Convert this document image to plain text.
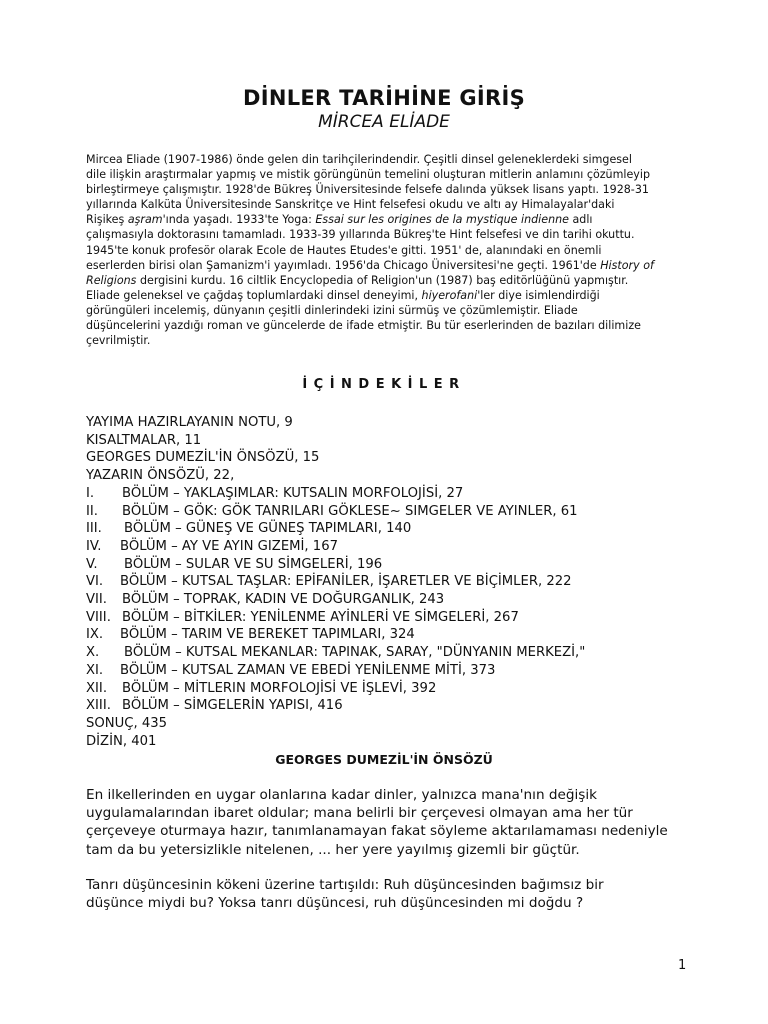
DİNLER TARİHİNE GİRİŞ
MİRCEA ELİADE
Mircea Eliade (1907-1986) önde gelen din tarihçilerindendir. Çeşitli dinsel geleneklerdeki simgesel
dile ilişkin araştırmalar yapmış ve mistik görüngünün temelini oluşturan mitlerin anlamını çözümleyip
birleştirmeye çalışmıştır. 1928'de Bükreş Üniversitesinde felsefe dalında yüksek lisans yaptı. 1928-31
yıllarında Kalküta Üniversitesinde Sanskritçe ve Hint felsefesi okudu ve altı ay Himalayalar'daki
Rişikeş aşram'ında yaşadı. 1933'te Yoga: Essai sur les origines de la mystique indienne adlı
çalışmasıyla doktorasını tamamladı. 1933-39 yıllarında Bükreş'te Hint felsefesi ve din tarihi okuttu.
1945'te konuk profesör olarak Ecole de Hautes Etudes'e gitti. 1951' de, alanındaki en önemli
eserlerden birisi olan Şamanizm'i yayımladı. 1956'da Chicago Üniversitesi'ne geçti. 1961'de History of
Religions dergisini kurdu. 16 ciltlik Encyclopedia of Religion'un (1987) baş editörlüğünü yapmıştır.
Eliade geleneksel ve çağdaş toplumlardaki dinsel deneyimi, hiyerofani'ler diye isimlendirdiği
görüngüleri incelemiş, dünyanın çeşitli dinlerindeki izini sürmüş ve çözümlemiştir. Eliade
düşüncelerini yazdığı roman ve güncelerde de ifade etmiştir. Bu tür eserlerinden de bazıları dilimize
çevrilmiştir.
İÇİNDEKİLER
YAYIMA HAZIRLAYANIN NOTU, 9
KISALTMALAR, 11
GEORGES DUMEZİL'İN ÖNSÖZÜ, 15
YAZARIN ÖNSÖZÜ, 22,
I. BÖLÜM – YAKLAŞIMLAR: KUTSALIN MORFOLOJİSİ, 27
II. BÖLÜM – GÖK: GÖK TANRILARI GÖKLESE~ SIMGELER VE AYINLER, 61
III. BÖLÜM – GÜNEŞ VE GÜNEŞ TAPIMLARI, 140
IV. BÖLÜM – AY VE AYIN GIZEMİ, 167
V. BÖLÜM – SULAR VE SU SİMGELERİ, 196
VI. BÖLÜM – KUTSAL TAŞLAR: EPİFANİLER, İŞARETLER VE BİÇİMLER, 222
VII. BÖLÜM – TOPRAK, KADIN VE DOĞURGANLIK, 243
VIII. BÖLÜM – BİTKİLER: YENİLENME AYİNLERİ VE SİMGELERİ, 267
IX. BÖLÜM – TARIM VE BEREKET TAPIMLARI, 324
X. BÖLÜM – KUTSAL MEKANLAR: TAPINAK, SARAY, "DÜNYANIN MERKEZİ,"
XI. BÖLÜM – KUTSAL ZAMAN VE EBEDİ YENİLENME MİTİ, 373
XII. BÖLÜM – MİTLERIN MORFOLOJİSİ VE İŞLEVİ, 392
XIII. BÖLÜM – SİMGELERİN YAPISI, 416
SONUÇ, 435
DİZİN, 401
GEORGES DUMEZİL'İN ÖNSÖZÜ
En ilkellerinden en uygar olanlarına kadar dinler, yalnızca mana'nın değişik
uygulamalarından ibaret oldular; mana belirli bir çerçevesi olmayan ama her tür
çerçeveye oturmaya hazır, tanımlanamayan fakat söyleme aktarılamaması nedeniyle
tam da bu yetersizlikle nitelenen, ... her yere yayılmış gizemli bir güçtür.
Tanrı düşüncesinin kökeni üzerine tartışıldı: Ruh düşüncesinden bağımsız bir
düşünce miydi bu? Yoksa tanrı düşüncesi, ruh düşüncesinden mi doğdu ?
1
